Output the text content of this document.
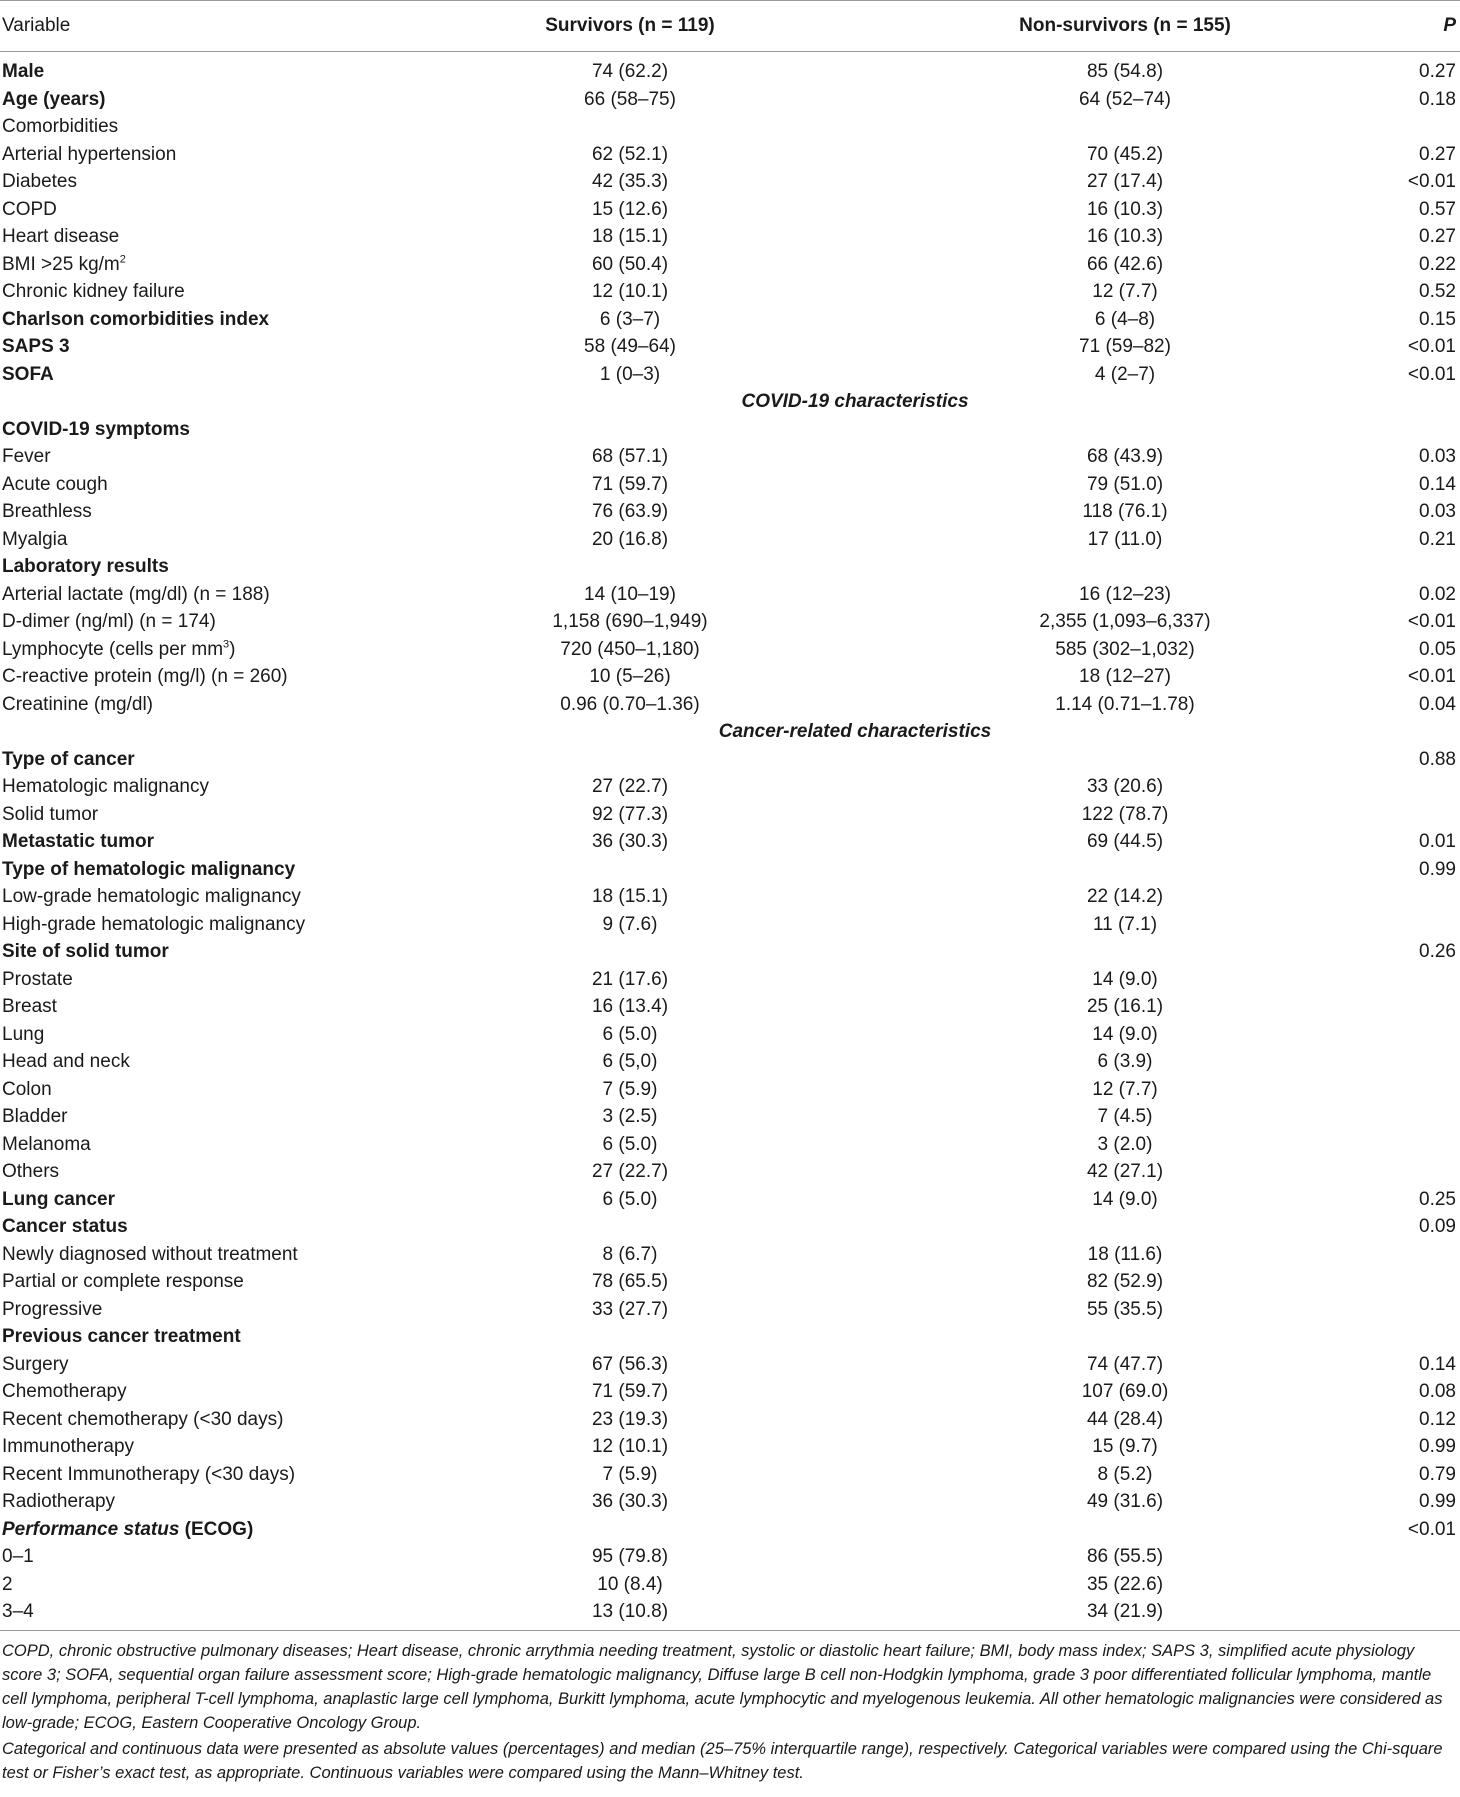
Variable	Survivors (n = 119)	Non-survivors (n = 155)	P
Male	74 (62.2)	85 (54.8)	0.27
Age (years)	66 (58–75)	64 (52–74)	0.18
Comorbidities			
Arterial hypertension	62 (52.1)	70 (45.2)	0.27
Diabetes	42 (35.3)	27 (17.4)	<0.01
COPD	15 (12.6)	16 (10.3)	0.57
Heart disease	18 (15.1)	16 (10.3)	0.27
BMI >25 $kg/m^2$	60 (50.4)	66 (42.6)	0.22
Chronic kidney failure	12 (10.1)	12 (7.7)	0.52
Charlson comorbidities index	6 (3–7)	6 (4–8)	0.15
SAPS 3	58 (49–64)	71 (59–82)	<0.01
SOFA	1 (0–3)	4 (2–7)	<0.01
	COVID-19 characteristics		
COVID-19 symptoms			
Fever	68 (57.1)	68 (43.9)	0.03
Acute cough	71 (59.7)	79 (51.0)	0.14
Breathless	76 (63.9)	118 (76.1)	0.03
Myalgia	20 (16.8)	17 (11.0)	0.21
Laboratory results			
Arterial lactate (mg/dl) (n = 188)	14 (10–19)	16 (12–23)	0.02
D-dimer (ng/ml) (n = 174)	1,158 (690–1,949)	2,355 (1,093–6,337)	<0.01
Lymphocyte (cells per $mm^3$)	720 (450–1,180)	585 (302–1,032)	0.05
C-reactive protein (mg/l) (n = 260)	10 (5–26)	18 (12–27)	<0.01
Creatinine (mg/dl)	0.96 (0.70–1.36)	1.14 (0.71–1.78)	0.04
	Cancer-related characteristics		
Type of cancer			0.88
Hematologic malignancy	27 (22.7)	33 (20.6)	
Solid tumor	92 (77.3)	122 (78.7)	
Metastatic tumor	36 (30.3)	69 (44.5)	0.01
Type of hematologic malignancy			0.99
Low-grade hematologic malignancy	18 (15.1)	22 (14.2)	
High-grade hematologic malignancy	9 (7.6)	11 (7.1)	
Site of solid tumor			0.26
Prostate	21 (17.6)	14 (9.0)	
Breast	16 (13.4)	25 (16.1)	
Lung	6 (5.0)	14 (9.0)	
Head and neck	6 (5,0)	6 (3.9)	
Colon	7 (5.9)	12 (7.7)	
Bladder	3 (2.5)	7 (4.5)	
Melanoma	6 (5.0)	3 (2.0)	
Others	27 (22.7)	42 (27.1)	
Lung cancer	6 (5.0)	14 (9.0)	0.25
Cancer status			0.09
Newly diagnosed without treatment	8 (6.7)	18 (11.6)	
Partial or complete response	78 (65.5)	82 (52.9)	
Progressive	33 (27.7)	55 (35.5)	
Previous cancer treatment			
Surgery	67 (56.3)	74 (47.7)	0.14
Chemotherapy	71 (59.7)	107 (69.0)	0.08
Recent chemotherapy (<30 days)	23 (19.3)	44 (28.4)	0.12
Immunotherapy	12 (10.1)	15 (9.7)	0.99
Recent Immunotherapy (<30 days)	7 (5.9)	8 (5.2)	0.79
Radiotherapy	36 (30.3)	49 (31.6)	0.99
Performance status (ECOG)			<0.01
0–1	95 (79.8)	86 (55.5)	
2	10 (8.4)	35 (22.6)	
3–4	13 (10.8)	34 (21.9)	

COPD, chronic obstructive pulmonary diseases; Heart disease, chronic arrythmia needing treatment, systolic or diastolic heart failure; BMI, body mass index; SAPS 3, simplified acute physiology score 3; SOFA, sequential organ failure assessment score; High-grade hematologic malignancy, Diffuse large B cell non-Hodgkin lymphoma, grade 3 poor differentiated follicular lymphoma, mantle cell lymphoma, peripheral T-cell lymphoma, anaplastic large cell lymphoma, Burkitt lymphoma, acute lymphocytic and myelogenous leukemia. All other hematologic malignancies were considered as low-grade; ECOG, Eastern Cooperative Oncology Group.

Categorical and continuous data were presented as absolute values (percentages) and median (25–75% interquartile range), respectively. Categorical variables were compared using the Chi-square test or Fisher’s exact test, as appropriate. Continuous variables were compared using the Mann–Whitney test.
